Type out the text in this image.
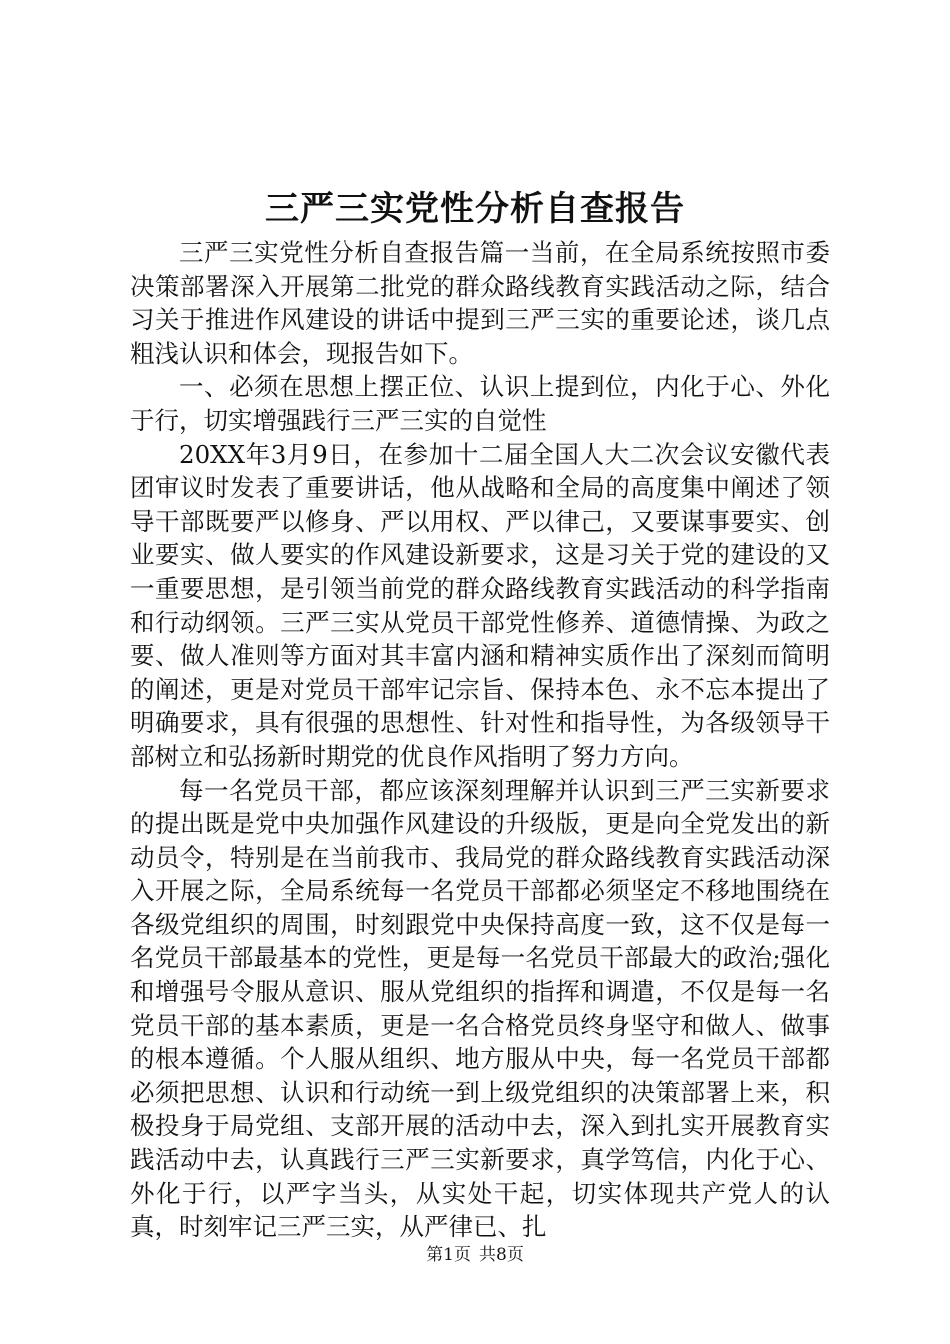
三严三实党性分析自查报告

三严三实党性分析自查报告篇一当前，在全局系统按照市委决策部署深入开展第二批党的群众路线教育实践活动之际，结合习关于推进作风建设的讲话中提到三严三实的重要论述，谈几点粗浅认识和体会，现报告如下。

一、必须在思想上摆正位、认识上提到位，内化于心、外化于行，切实增强践行三严三实的自觉性

20XX年3月9日，在参加十二届全国人大二次会议安徽代表团审议时发表了重要讲话，他从战略和全局的高度集中阐述了领导干部既要严以修身、严以用权、严以律己，又要谋事要实、创业要实、做人要实的作风建设新要求，这是习关于党的建设的又一重要思想，是引领当前党的群众路线教育实践活动的科学指南和行动纲领。三严三实从党员干部党性修养、道德情操、为政之要、做人准则等方面对其丰富内涵和精神实质作出了深刻而简明的阐述，更是对党员干部牢记宗旨、保持本色、永不忘本提出了明确要求，具有很强的思想性、针对性和指导性，为各级领导干部树立和弘扬新时期党的优良作风指明了努力方向。

每一名党员干部，都应该深刻理解并认识到三严三实新要求的提出既是党中央加强作风建设的升级版，更是向全党发出的新动员令，特别是在当前我市、我局党的群众路线教育实践活动深入开展之际，全局系统每一名党员干部都必须坚定不移地围绕在各级党组织的周围，时刻跟党中央保持高度一致，这不仅是每一名党员干部最基本的党性，更是每一名党员干部最大的政治;强化和增强号令服从意识、服从党组织的指挥和调遣，不仅是每一名党员干部的基本素质，更是一名合格党员终身坚守和做人、做事的根本遵循。个人服从组织、地方服从中央，每一名党员干部都必须把思想、认识和行动统一到上级党组织的决策部署上来，积极投身于局党组、支部开展的活动中去，深入到扎实开展教育实践活动中去，认真践行三严三实新要求，真学笃信，内化于心、外化于行，以严字当头，从实处干起，切实体现共产党人的认真，时刻牢记三严三实，从严律已、扎

第1页 共8页
